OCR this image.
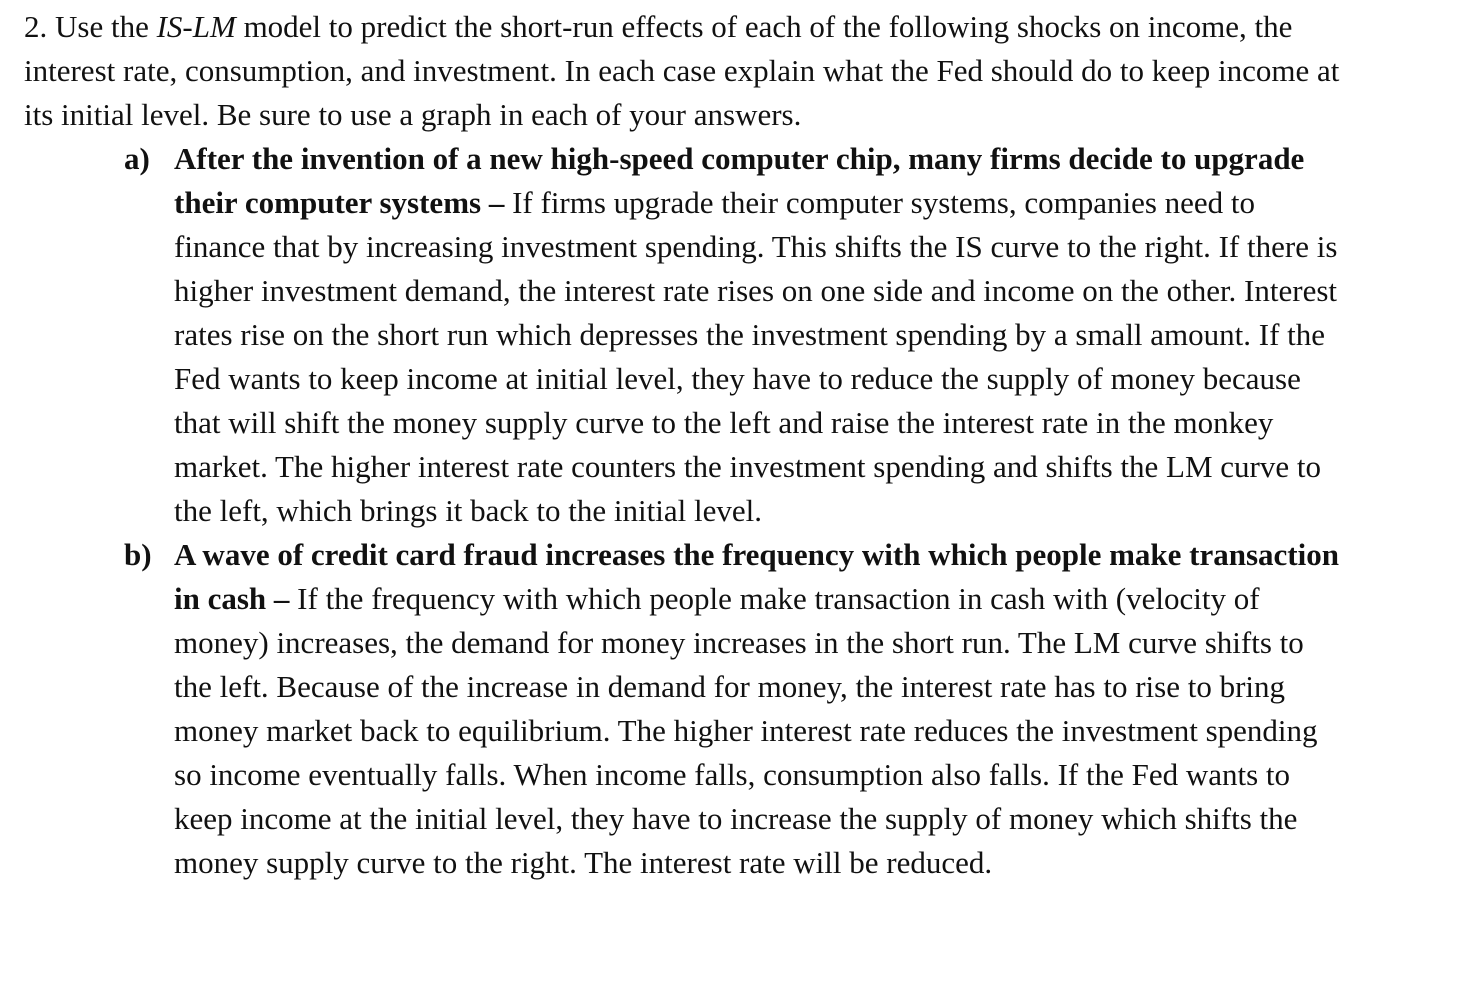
2. Use the IS-LM model to predict the short-run effects of each of the following shocks on income, the interest rate, consumption, and investment. In each case explain what the Fed should do to keep income at its initial level. Be sure to use a graph in each of your answers.

a) After the invention of a new high-speed computer chip, many firms decide to upgrade their computer systems – If firms upgrade their computer systems, companies need to finance that by increasing investment spending. This shifts the IS curve to the right. If there is higher investment demand, the interest rate rises on one side and income on the other. Interest rates rise on the short run which depresses the investment spending by a small amount. If the Fed wants to keep income at initial level, they have to reduce the supply of money because that will shift the money supply curve to the left and raise the interest rate in the monkey market. The higher interest rate counters the investment spending and shifts the LM curve to the left, which brings it back to the initial level.
b) A wave of credit card fraud increases the frequency with which people make transaction in cash – If the frequency with which people make transaction in cash with (velocity of money) increases, the demand for money increases in the short run. The LM curve shifts to the left. Because of the increase in demand for money, the interest rate has to rise to bring money market back to equilibrium. The higher interest rate reduces the investment spending so income eventually falls. When income falls, consumption also falls. If the Fed wants to keep income at the initial level, they have to increase the supply of money which shifts the money supply curve to the right. The interest rate will be reduced.
